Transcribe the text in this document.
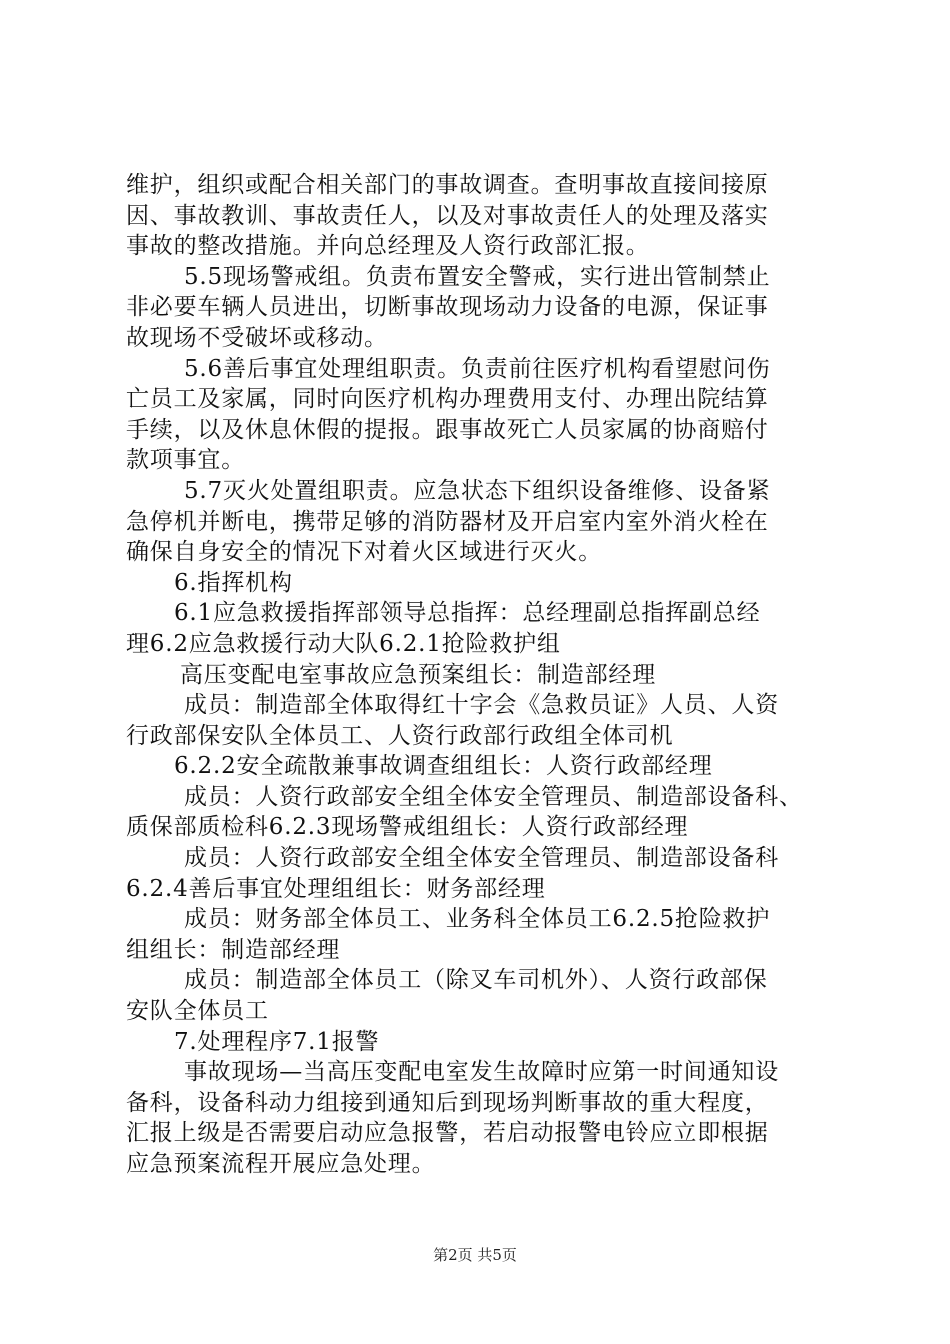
维护，组织或配合相关部门的事故调查。查明事故直接间接原
因、事故教训、事故责任人，以及对事故责任人的处理及落实
事故的整改措施。并向总经理及人资行政部汇报。
5.5现场警戒组。负责布置安全警戒，实行进出管制禁止
非必要车辆人员进出，切断事故现场动力设备的电源，保证事
故现场不受破坏或移动。
5.6善后事宜处理组职责。负责前往医疗机构看望慰问伤
亡员工及家属，同时向医疗机构办理费用支付、办理出院结算
手续，以及休息休假的提报。跟事故死亡人员家属的协商赔付
款项事宜。
5.7灭火处置组职责。应急状态下组织设备维修、设备紧
急停机并断电，携带足够的消防器材及开启室内室外消火栓在
确保自身安全的情况下对着火区域进行灭火。
6.指挥机构
6.1应急救援指挥部领导总指挥：总经理副总指挥副总经
理6.2应急救援行动大队6.2.1抢险救护组
高压变配电室事故应急预案组长：制造部经理
成员：制造部全体取得红十字会《急救员证》人员、人资
行政部保安队全体员工、人资行政部行政组全体司机
6.2.2安全疏散兼事故调查组组长：人资行政部经理
成员：人资行政部安全组全体安全管理员、制造部设备科、
质保部质检科6.2.3现场警戒组组长：人资行政部经理
成员：人资行政部安全组全体安全管理员、制造部设备科
6.2.4善后事宜处理组组长：财务部经理
成员：财务部全体员工、业务科全体员工6.2.5抢险救护
组组长：制造部经理
成员：制造部全体员工（除叉车司机外）、人资行政部保
安队全体员工
7.处理程序7.1报警
事故现场—当高压变配电室发生故障时应第一时间通知设
备科，设备科动力组接到通知后到现场判断事故的重大程度，
汇报上级是否需要启动应急报警，若启动报警电铃应立即根据
应急预案流程开展应急处理。
第2页 共5页
